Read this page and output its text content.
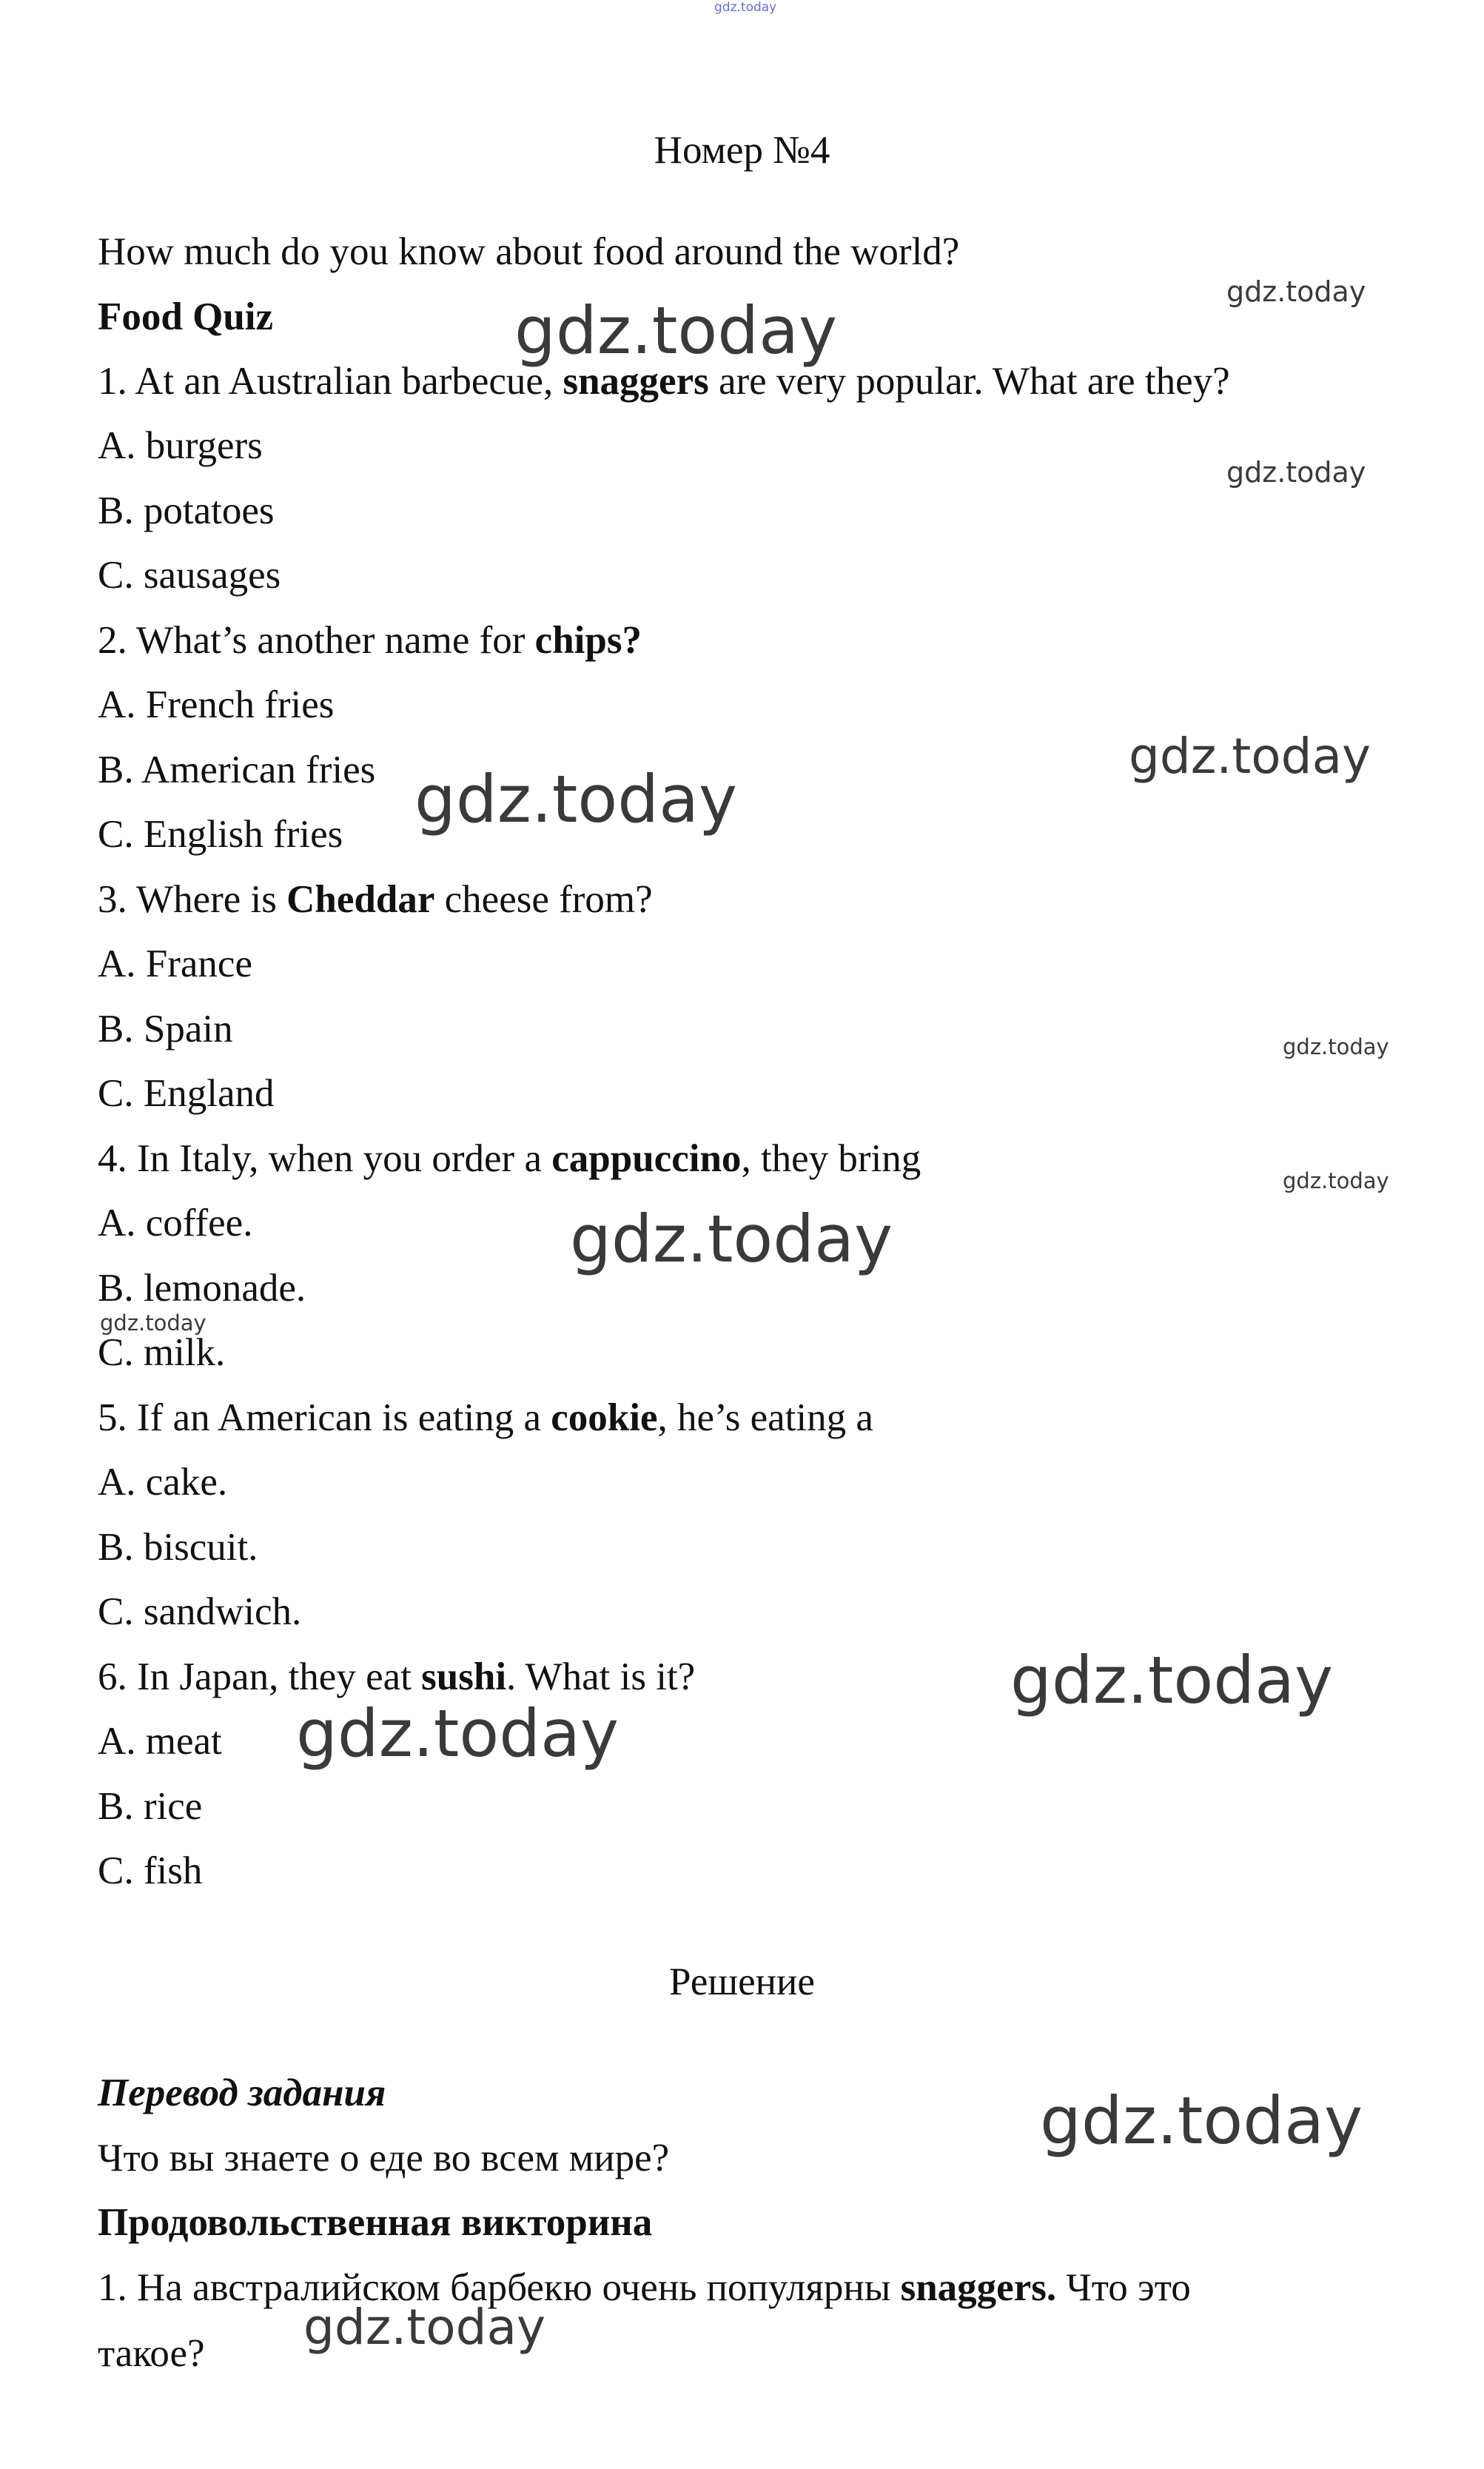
gdz.today
Номер №4
How much do you know about food around the world?
Food Quiz
1. At an Australian barbecue, snaggers are very popular. What are they?
A. burgers
B. potatoes
C. sausages
2. What’s another name for chips?
A. French fries
B. American fries
C. English fries
3. Where is Cheddar cheese from?
A. France
B. Spain
C. England
4. In Italy, when you order a cappuccino, they bring
A. coffee.
B. lemonade.
C. milk.
5. If an American is eating a cookie, he’s eating a
A. cake.
B. biscuit.
C. sandwich.
6. In Japan, they eat sushi. What is it?
A. meat
B. rice
C. fish
Решение
Перевод задания
Что вы знаете о еде во всем мире?
Продовольственная викторина
1. На австралийском барбекю очень популярны snaggers. Что это
такое?
gdz.today
gdz.today
gdz.today
gdz.today
gdz.today
gdz.today
gdz.today
gdz.today
gdz.today
gdz.today
gdz.today
gdz.today
gdz.today
